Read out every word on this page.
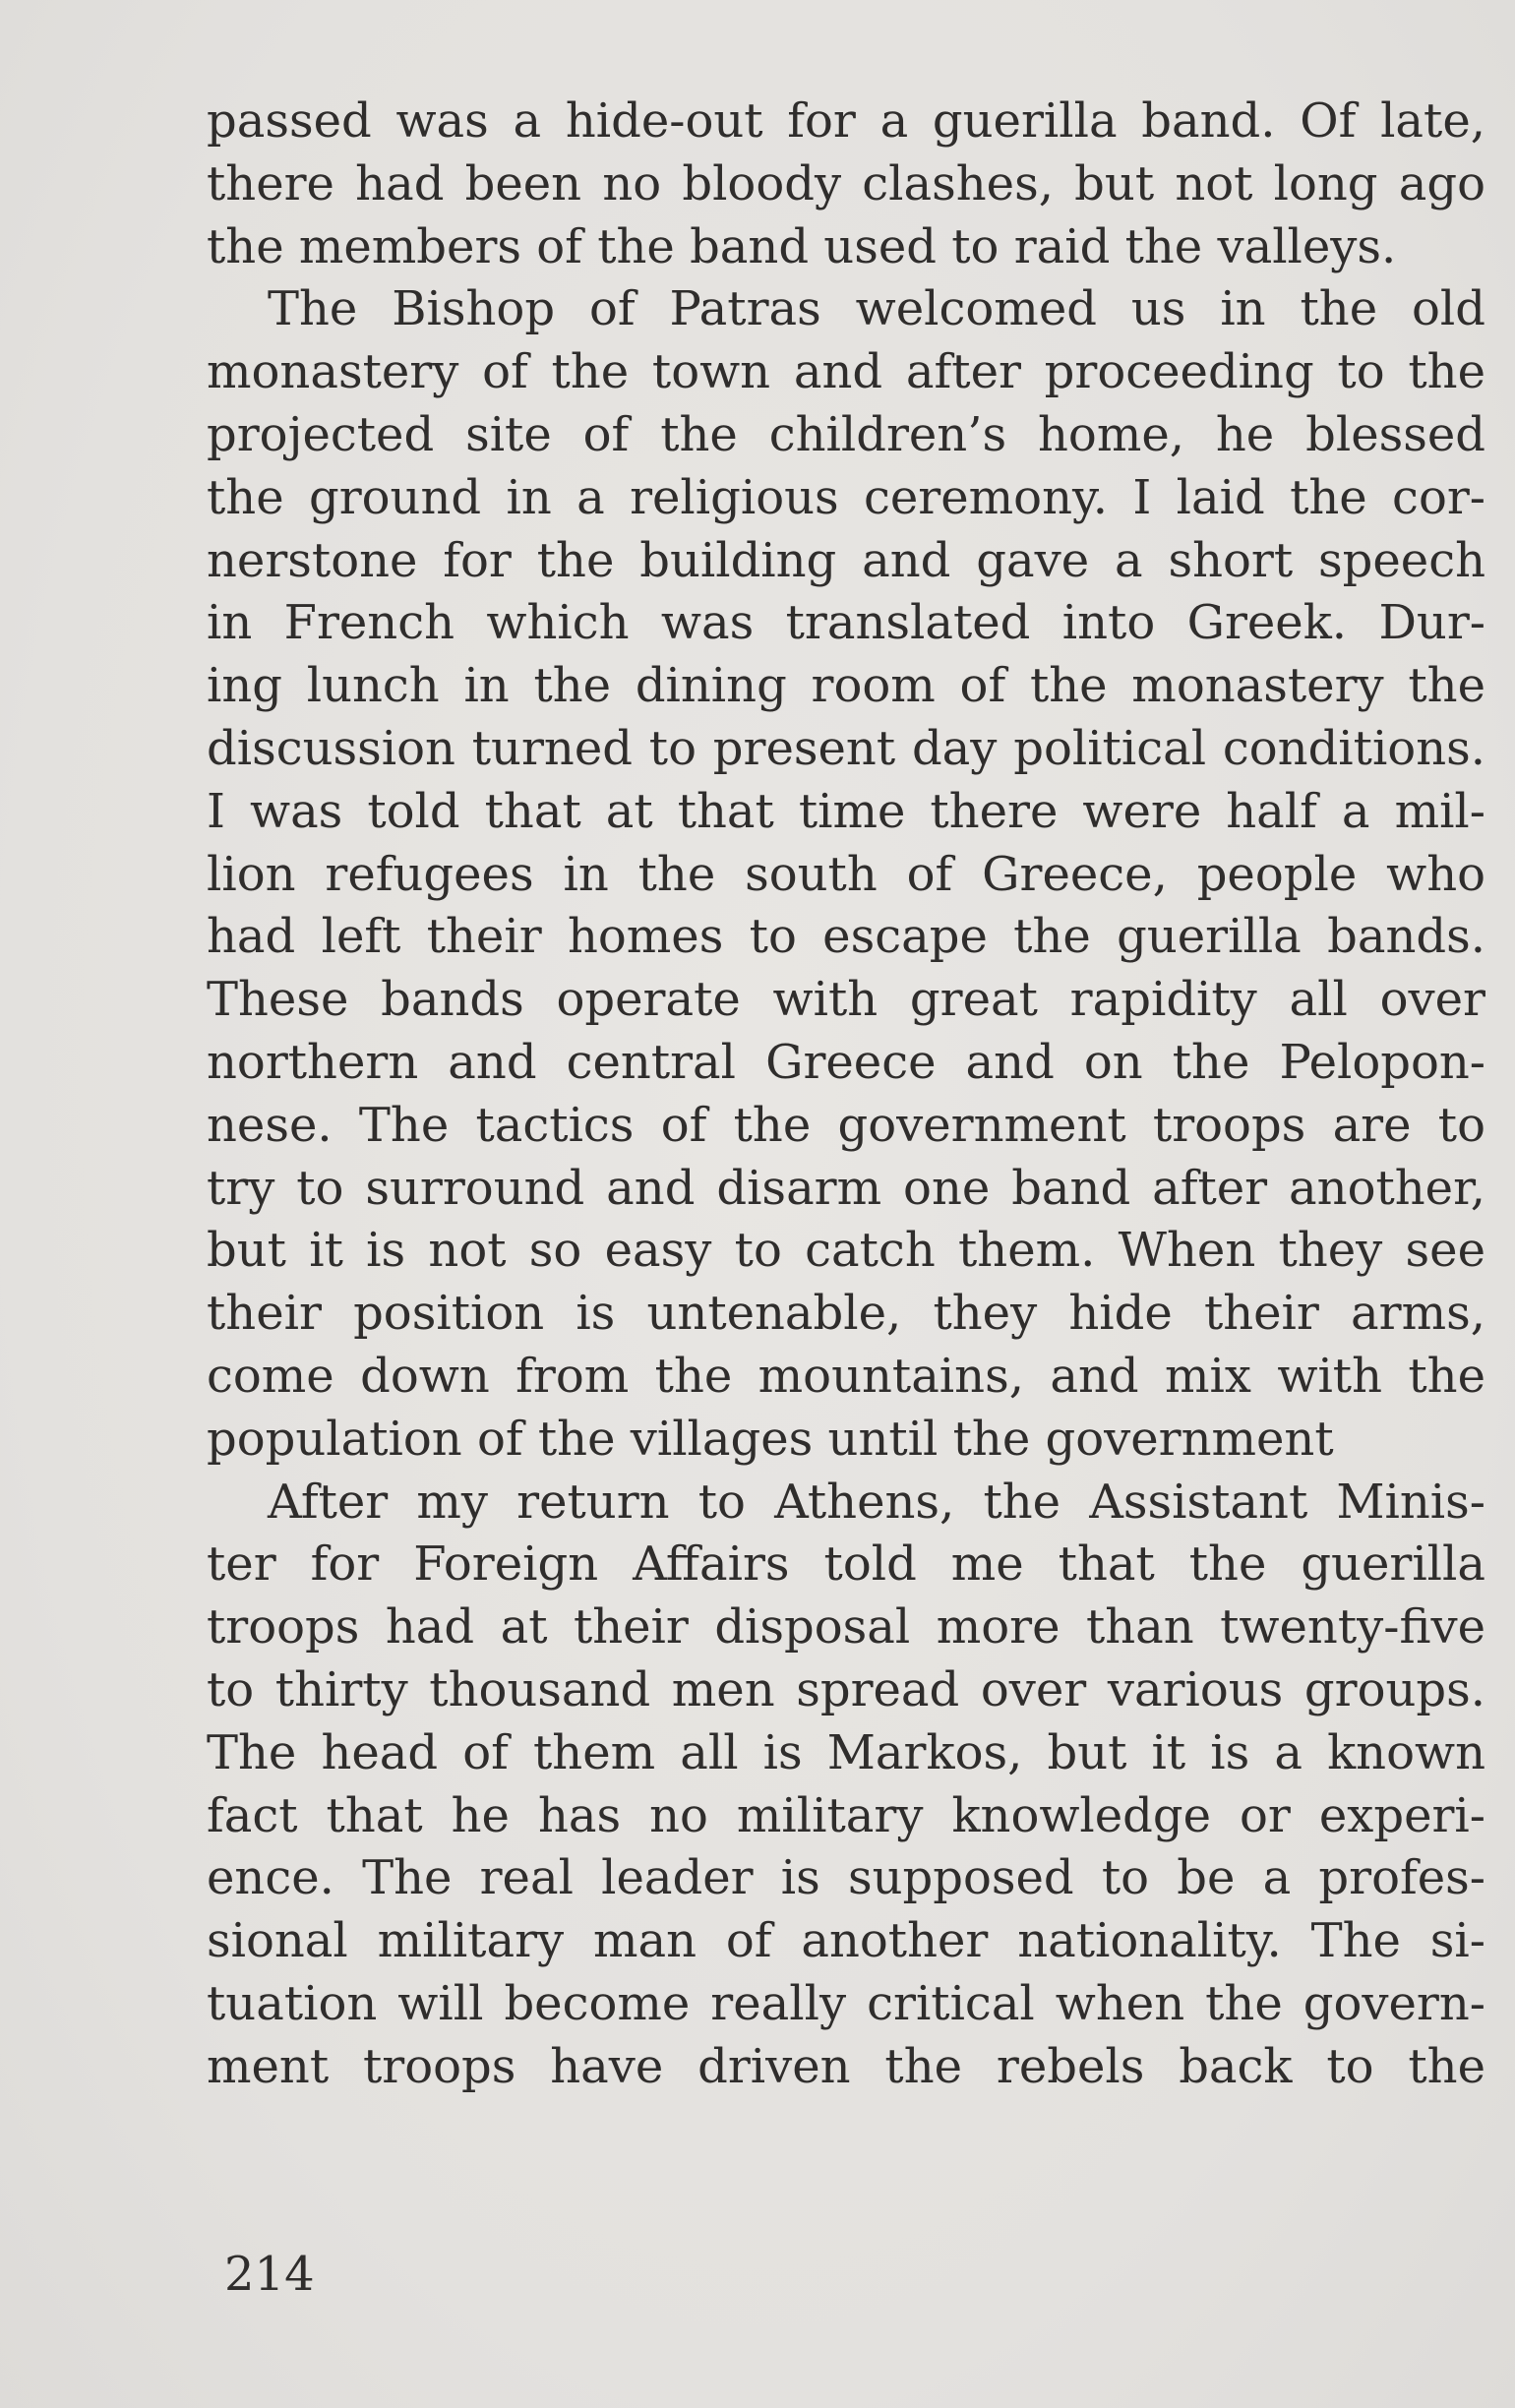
passed was a hide-out for a guerilla band. Of late,
there had been no bloody clashes, but not long ago
the members of the band used to raid the valleys.
The Bishop of Patras welcomed us in the old
monastery of the town and after proceeding to the
projected site of the children’s home, he blessed
the ground in a religious ceremony. I laid the cor-
nerstone for the building and gave a short speech
in French which was translated into Greek. Dur-
ing lunch in the dining room of the monastery the
discussion turned to present day political conditions.
I was told that at that time there were half a mil-
lion refugees in the south of Greece, people who
had left their homes to escape the guerilla bands.
These bands operate with great rapidity all over
northern and central Greece and on the Pelopon-
nese. The tactics of the government troops are to
try to surround and disarm one band after another,
but it is not so easy to catch them. When they see
their position is untenable, they hide their arms,
come down from the mountains, and mix with the
population of the villages until the government
After my return to Athens, the Assistant Minis-
ter for Foreign Affairs told me that the guerilla
troops had at their disposal more than twenty-five
to thirty thousand men spread over various groups.
The head of them all is Markos, but it is a known
fact that he has no military knowledge or experi-
ence. The real leader is supposed to be a profes-
sional military man of another nationality. The si-
tuation will become really critical when the govern-
ment troops have driven the rebels back to the
214
